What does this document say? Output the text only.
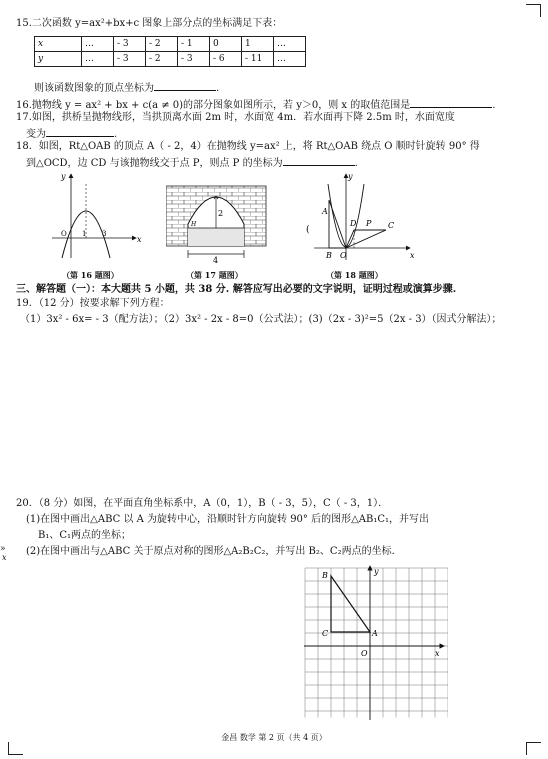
15.二次函数 y=ax²+bx+c 图象上部分点的坐标满足下表：
x	…	- 3	- 2	- 1	0	1	…
y	…	- 3	- 2	- 3	- 6	- 11	…
则该函数图象的顶点坐标为	.
16.抛物线 y = ax² + bx + c(a ≠ 0)的部分图象如图所示，若 y＞0，则 x 的取值范围是	.
17.如图，拱桥呈抛物线形，当拱顶离水面 2m 时，水面宽 4m．若水面再下降 2.5m 时，水面宽度
变为	.
18．如图，Rt△OAB 的顶点 A（ - 2，4）在抛物线 y=ax² 上，将 Rt△OAB 绕点 O 顺时针旋转 90° 得
到△OCD，边 CD 与该抛物线交于点 P，则点 P 的坐标为	.
y
x
O 1 3
2
H
4
(
y
x
A
B O
D P C
（第 16 题图）	（第 17 题图）	（第 18 题图）
三、解答题（一）：本大题共 5 小题，共 38 分. 解答应写出必要的文字说明，证明过程或演算步骤.
19．（12 分）按要求解下列方程：
（1）3x² - 6x= - 3（配方法）；（2）3x² - 2x - 8=0（公式法）；(3)（2x - 3)²=5（2x - 3）（因式分解法）；
20．（8 分）如图，在平面直角坐标系中，A（0，1），B（ - 3，5），C（ - 3，1）．
(1)在图中画出△ABC 以 A 为旋转中心，沿顺时针方向旋转 90° 后的图形△AB₁C₁，并写出
B₁、C₁两点的坐标；
(2)在图中画出与△ABC 关于原点对称的图形△A₂B₂C₂，并写出 B₂、C₂两点的坐标．
»
x
B
C	A
O	x
y
金昌 数学 第 2 页（共 4 页）
